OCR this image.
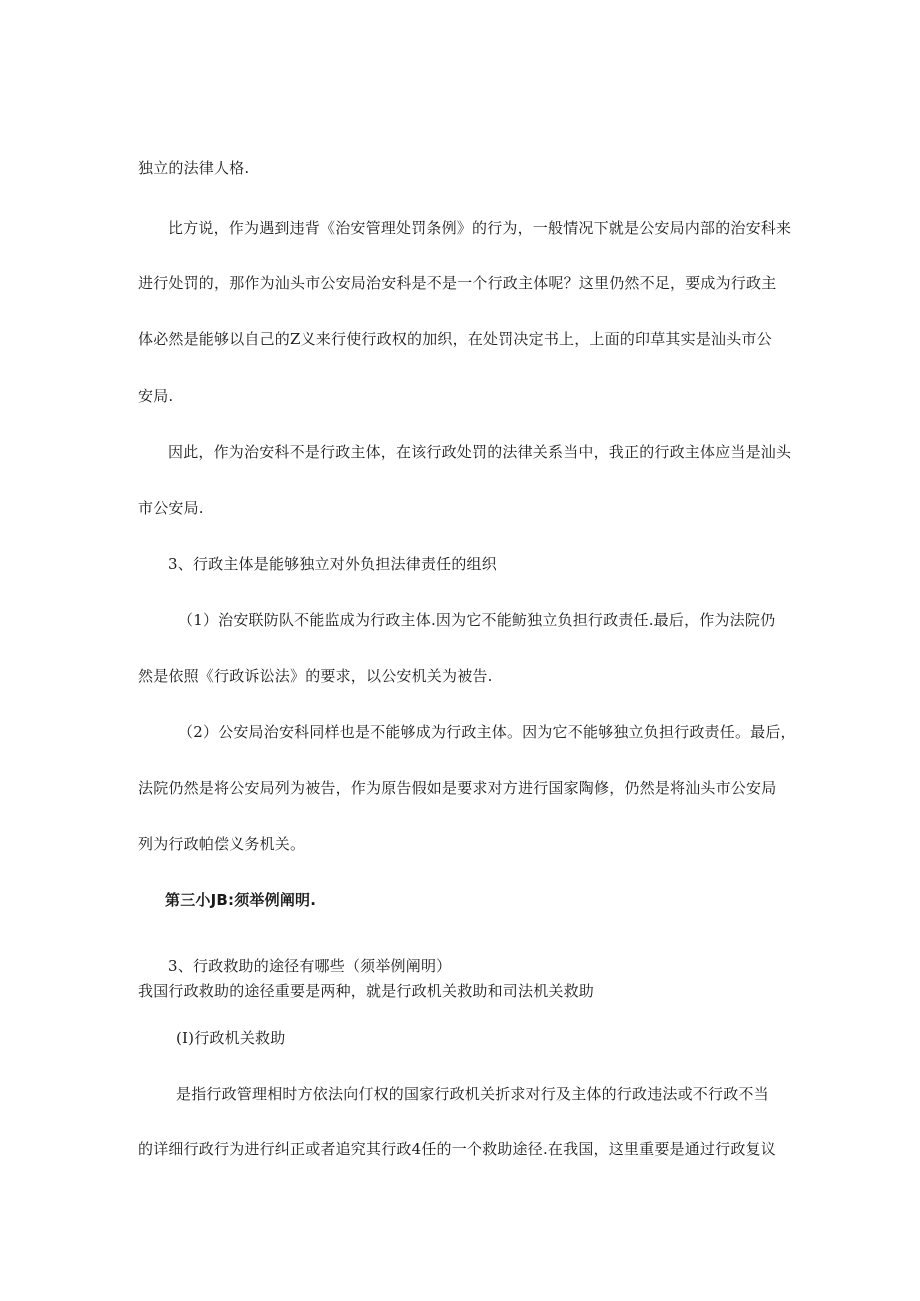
独立的法律人格.
比方说，作为遇到违背《治安管理处罚条例》的行为，一般情况下就是公安局内部的治安科来
进行处罚的，那作为汕头市公安局治安科是不是一个行政主体呢？这里仍然不足，要成为行政主
体必然是能够以自己的Z义来行使行政权的加织，在处罚决定书上，上面的印草其实是汕头市公
安局.
因此，作为治安科不是行政主体，在该行政处罚的法律关系当中，我正的行政主体应当是汕头
市公安局.
3、行政主体是能够独立对外负担法律责任的组织
（1）治安联防队不能监成为行政主体.因为它不能鲂独立负担行政责任.最后，作为法院仍
然是依照《行政诉讼法》的要求，以公安机关为被告.
（2）公安局治安科同样也是不能够成为行政主体。因为它不能够独立负担行政责任。最后，
法院仍然是将公安局列为被告，作为原告假如是要求对方进行国家陶修，仍然是将汕头市公安局
列为行政帕偿义务机关。
第三小JB:须举例阐明.
3、行政救助的途径有哪些（须举例阐明）
我国行政救助的途径重要是两种，就是行政机关救助和司法机关救助
(I)行政机关救助
是指行政管理相时方依法向仃权的国家行政机关折求对行及主体的行政违法或不行政不当
的详细行政行为进行纠正或者追究其行政4任的一个救助途径.在我国，这里重要是通过行政复议
